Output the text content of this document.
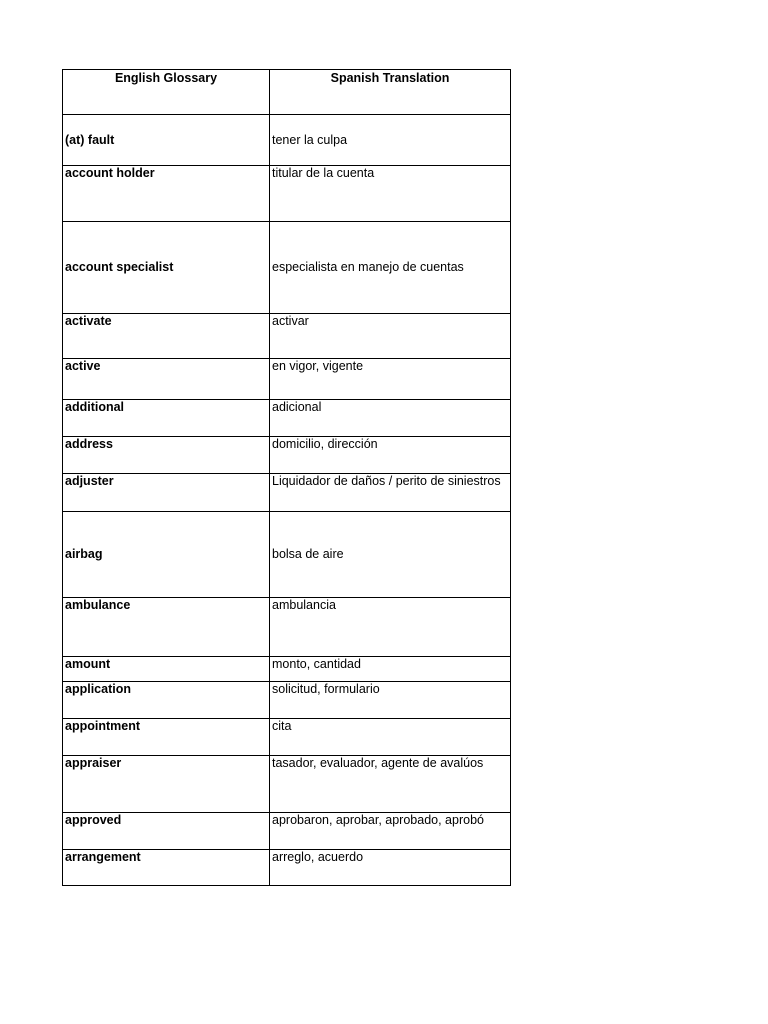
English Glossary	Spanish Translation
(at) fault	tener la culpa
account holder	titular de la cuenta
account specialist	especialista en manejo de cuentas
activate	activar
active	en vigor, vigente
additional	adicional
address	domicilio, dirección
adjuster	Liquidador de daños / perito de siniestros
airbag	bolsa de aire
ambulance	ambulancia
amount	monto, cantidad
application	solicitud, formulario
appointment	cita
appraiser	tasador, evaluador, agente de avalúos
approved	aprobaron, aprobar, aprobado, aprobó
arrangement	arreglo, acuerdo
